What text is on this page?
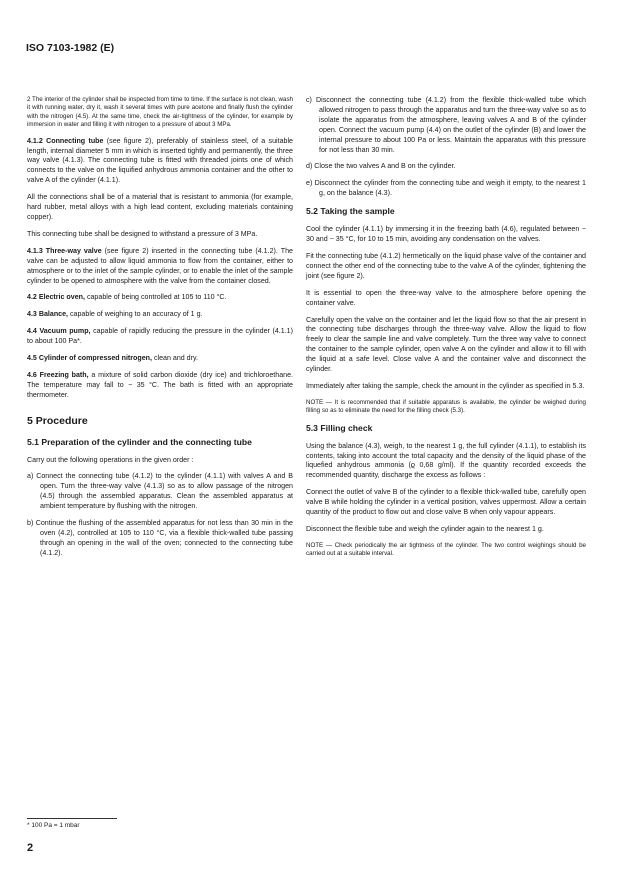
ISO 7103-1982 (E)

2 The interior of the cylinder shall be inspected from time to time. If the surface is not clean, wash it with running water, dry it, wash it several times with pure acetone and finally flush the cylinder with the nitrogen (4.5). At the same time, check the air-tightness of the cylinder, for example by immersion in water and filling it with nitrogen to a pressure of about 3 MPa.

4.1.2 Connecting tube (see figure 2), preferably of stainless steel, of a suitable length, internal diameter 5 mm in which is inserted tightly and permanently, the three way valve (4.1.3). The connecting tube is fitted with threaded joints one of which connects to the valve on the liquified anhydrous ammonia container and the other to valve A of the cylinder (4.1.1).

All the connections shall be of a material that is resistant to ammonia (for example, hard rubber, metal alloys with a high lead content, excluding materials containing copper).

This connecting tube shall be designed to withstand a pressure of 3 MPa.

4.1.3 Three-way valve (see figure 2) inserted in the connecting tube (4.1.2). The valve can be adjusted to allow liquid ammonia to flow from the container, either to atmosphere or to the inlet of the sample cylinder, or to enable the inlet of the sample cylinder to be opened to atmosphere with the valve from the container closed.

4.2 Electric oven, capable of being controlled at 105 to 110 °C.

4.3 Balance, capable of weighing to an accuracy of 1 g.

4.4 Vacuum pump, capable of rapidly reducing the pressure in the cylinder (4.1.1) to about 100 Pa*.

4.5 Cylinder of compressed nitrogen, clean and dry.

4.6 Freezing bath, a mixture of solid carbon dioxide (dry ice) and trichloroethane. The temperature may fall to − 35 °C. The bath is fitted with an appropriate thermometer.

5 Procedure
5.1 Preparation of the cylinder and the connecting tube

Carry out the following operations in the given order :

a) Connect the connecting tube (4.1.2) to the cylinder (4.1.1) with valves A and B open. Turn the three-way valve (4.1.3) so as to allow passage of the nitrogen (4.5) through the assembled apparatus. Clean the assembled apparatus at ambient temperature by flushing with the nitrogen.

b) Continue the flushing of the assembled apparatus for not less than 30 min in the oven (4.2), controlled at 105 to 110 °C, via a flexible thick-walled tube passing through an opening in the wall of the oven; connected to the connecting tube (4.1.2).

c) Disconnect the connecting tube (4.1.2) from the flexible thick-walled tube which allowed nitrogen to pass through the apparatus and turn the three-way valve so as to isolate the apparatus from the atmosphere, leaving valves A and B of the cylinder open. Connect the vacuum pump (4.4) on the outlet of the cylinder (B) and lower the internal pressure to about 100 Pa or less. Maintain the apparatus with this pressure for not less than 30 min.

d) Close the two valves A and B on the cylinder.

e) Disconnect the cylinder from the connecting tube and weigh it empty, to the nearest 1 g, on the balance (4.3).

5.2 Taking the sample

Cool the cylinder (4.1.1) by immersing it in the freezing bath (4.6), regulated between − 30 and − 35 °C, for 10 to 15 min, avoiding any condensation on the valves.

Fit the connecting tube (4.1.2) hermetically on the liquid phase valve of the container and connect the other end of the connecting tube to the valve A of the cylinder, tightening the joint (see figure 2).

It is essential to open the three-way valve to the atmosphere before opening the container valve.

Carefully open the valve on the container and let the liquid flow so that the air present in the connecting tube discharges through the three-way valve. Allow the liquid to flow freely to clear the sample line and valve completely. Turn the three way valve to connect the container to the sample cylinder, open valve A on the cylinder and allow it to fill with the liquid at a safe level. Close valve A and the container valve and disconnect the cylinder.

Immediately after taking the sample, check the amount in the cylinder as specified in 5.3.

NOTE — It is recommended that if suitable apparatus is available, the cylinder be weighed during filling so as to eliminate the need for the filling check (5.3).

5.3 Filling check

Using the balance (4.3), weigh, to the nearest 1 g, the full cylinder (4.1.1), to establish its contents, taking into account the total capacity and the density of the liquid phase of the liquefied anhydrous ammonia (ϱ 0,68 g/ml). If the quantity recorded exceeds the recommended quantity, discharge the excess as follows :

Connect the outlet of valve B of the cylinder to a flexible thick-walled tube, carefully open valve B while holding the cylinder in a vertical position, valves uppermost. Allow a certain quantity of the product to flow out and close valve B when only vapour appears.

Disconnect the flexible tube and weigh the cylinder again to the nearest 1 g.

NOTE — Check periodically the air tightness of the cylinder. The two control weighings should be carried out at a suitable interval.

* 100 Pa = 1 mbar
2
